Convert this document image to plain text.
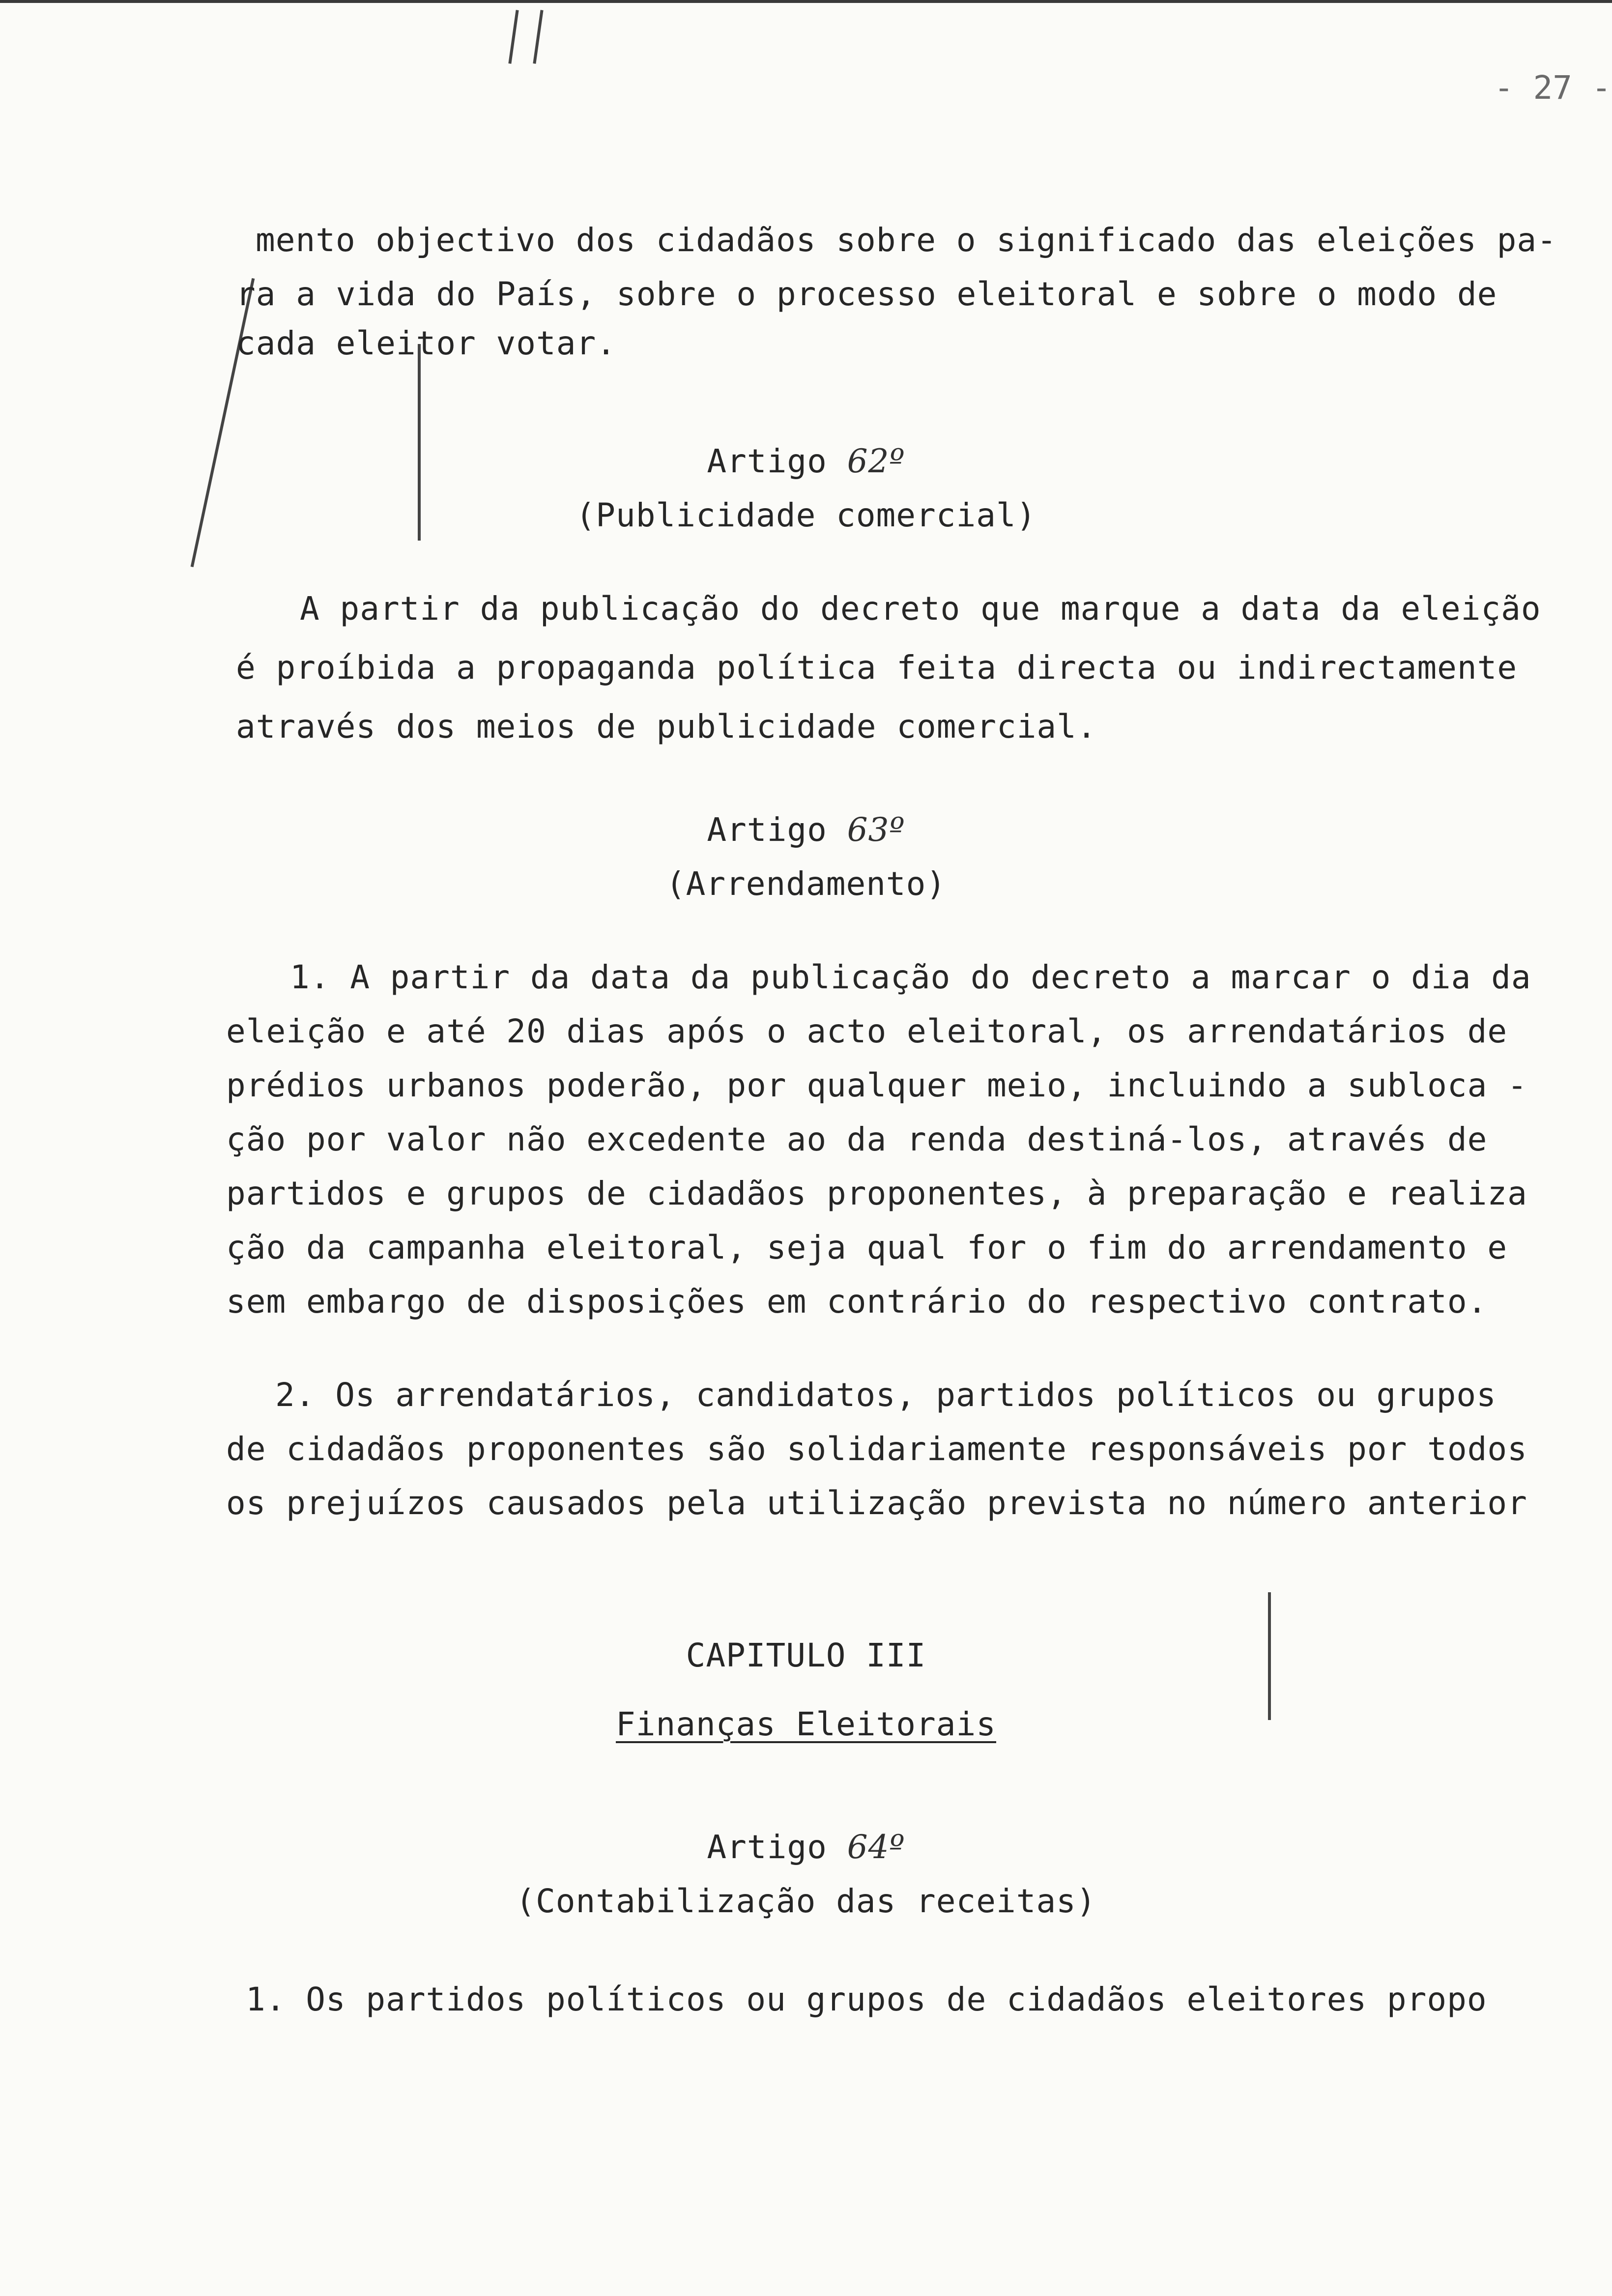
- 27 -
mento objectivo dos cidadãos sobre o significado das eleições pa-
ra a vida do País, sobre o processo eleitoral e sobre o modo de
cada eleitor votar.
Artigo 62º
(Publicidade comercial)
A partir da publicação do decreto que marque a data da eleição
é proíbida a propaganda política feita directa ou indirectamente
através dos meios de publicidade comercial.
Artigo 63º
(Arrendamento)
1. A partir da data da publicação do decreto a marcar o dia da
eleição e até 20 dias após o acto eleitoral, os arrendatários de
prédios urbanos poderão, por qualquer meio, incluindo a subloca -
ção por valor não excedente ao da renda destiná-los, através de
partidos e grupos de cidadãos proponentes, à preparação e realiza
ção da campanha eleitoral, seja qual for o fim do arrendamento e
sem embargo de disposições em contrário do respectivo contrato.
2. Os arrendatários, candidatos, partidos políticos ou grupos
de cidadãos proponentes são solidariamente responsáveis por todos
os prejuízos causados pela utilização prevista no número anterior
CAPITULO III
Finanças Eleitorais
Artigo 64º
(Contabilização das receitas)
1. Os partidos políticos ou grupos de cidadãos eleitores propo
